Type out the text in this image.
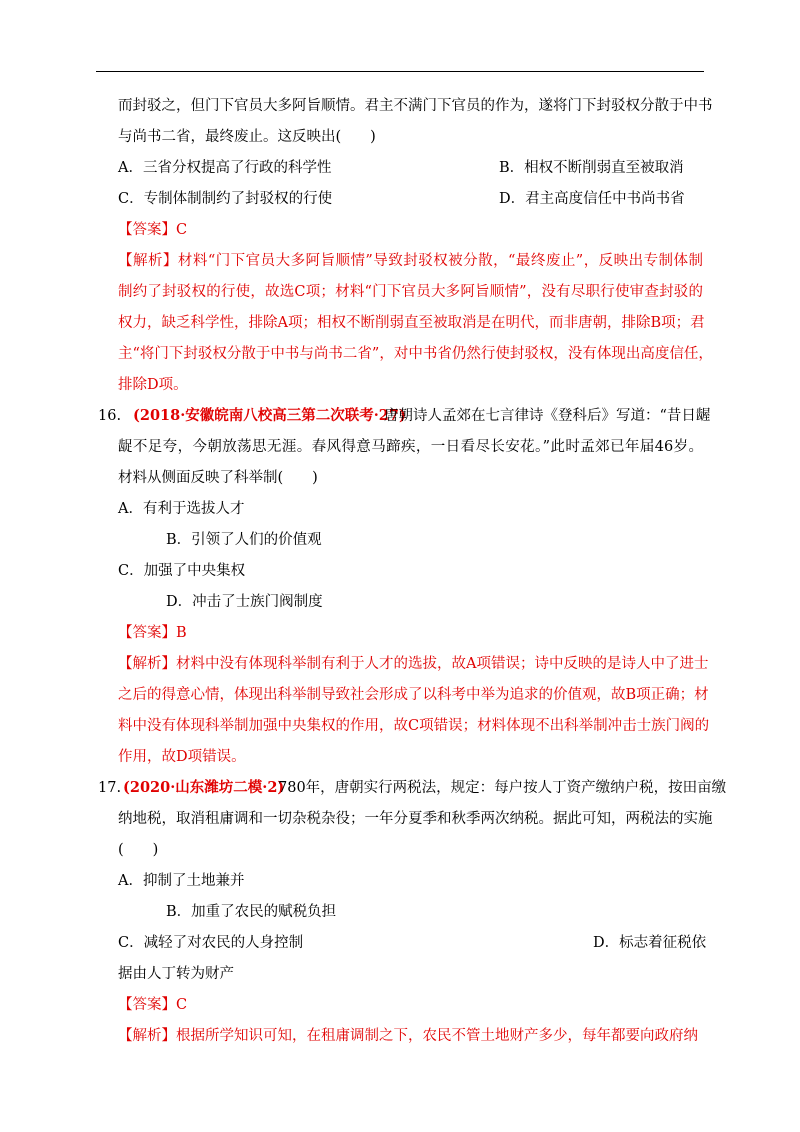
而封驳之，但门下官员大多阿旨顺情。君主不满门下官员的作为，遂将门下封驳权分散于中书
与尚书二省，最终废止。这反映出(　　)
A．三省分权提高了行政的科学性	B．相权不断削弱直至被取消
C．专制体制制约了封驳权的行使	D．君主高度信任中书尚书省
【答案】C
【解析】材料“门下官员大多阿旨顺情”导致封驳权被分散，“最终废止”，反映出专制体制
制约了封驳权的行使，故选C项；材料“门下官员大多阿旨顺情”，没有尽职行使审查封驳的
权力，缺乏科学性，排除A项；相权不断削弱直至被取消是在明代，而非唐朝，排除B项；君
主“将门下封驳权分散于中书与尚书二省”，对中书省仍然行使封驳权，没有体现出高度信任，
排除D项。
16. (2018·安徽皖南八校高三第二次联考·27)
唐朝诗人孟郊在七言律诗《登科后》写道：“昔日龌
龊不足夸，今朝放荡思无涯。春风得意马蹄疾，一日看尽长安花。”此时孟郊已年届46岁。
材料从侧面反映了科举制(　　)
A．有利于选拔人才
B．引领了人们的价值观
C．加强了中央集权
D．冲击了士族门阀制度
【答案】B
【解析】材料中没有体现科举制有利于人才的选拔，故A项错误；诗中反映的是诗人中了进士
之后的得意心情，体现出科举制导致社会形成了以科考中举为追求的价值观，故B项正确；材
料中没有体现科举制加强中央集权的作用，故C项错误；材料体现不出科举制冲击士族门阀的
作用，故D项错误。
17. (2020·山东潍坊二模·2)
780年，唐朝实行两税法，规定：每户按人丁资产缴纳户税，按田亩缴
纳地税，取消租庸调和一切杂税杂役；一年分夏季和秋季两次纳税。据此可知，两税法的实施
(　　)
A．抑制了土地兼并
B．加重了农民的赋税负担
C．减轻了对农民的人身控制	D．标志着征税依
据由人丁转为财产
【答案】C
【解析】根据所学知识可知，在租庸调制之下，农民不管土地财产多少，每年都要向政府纳
